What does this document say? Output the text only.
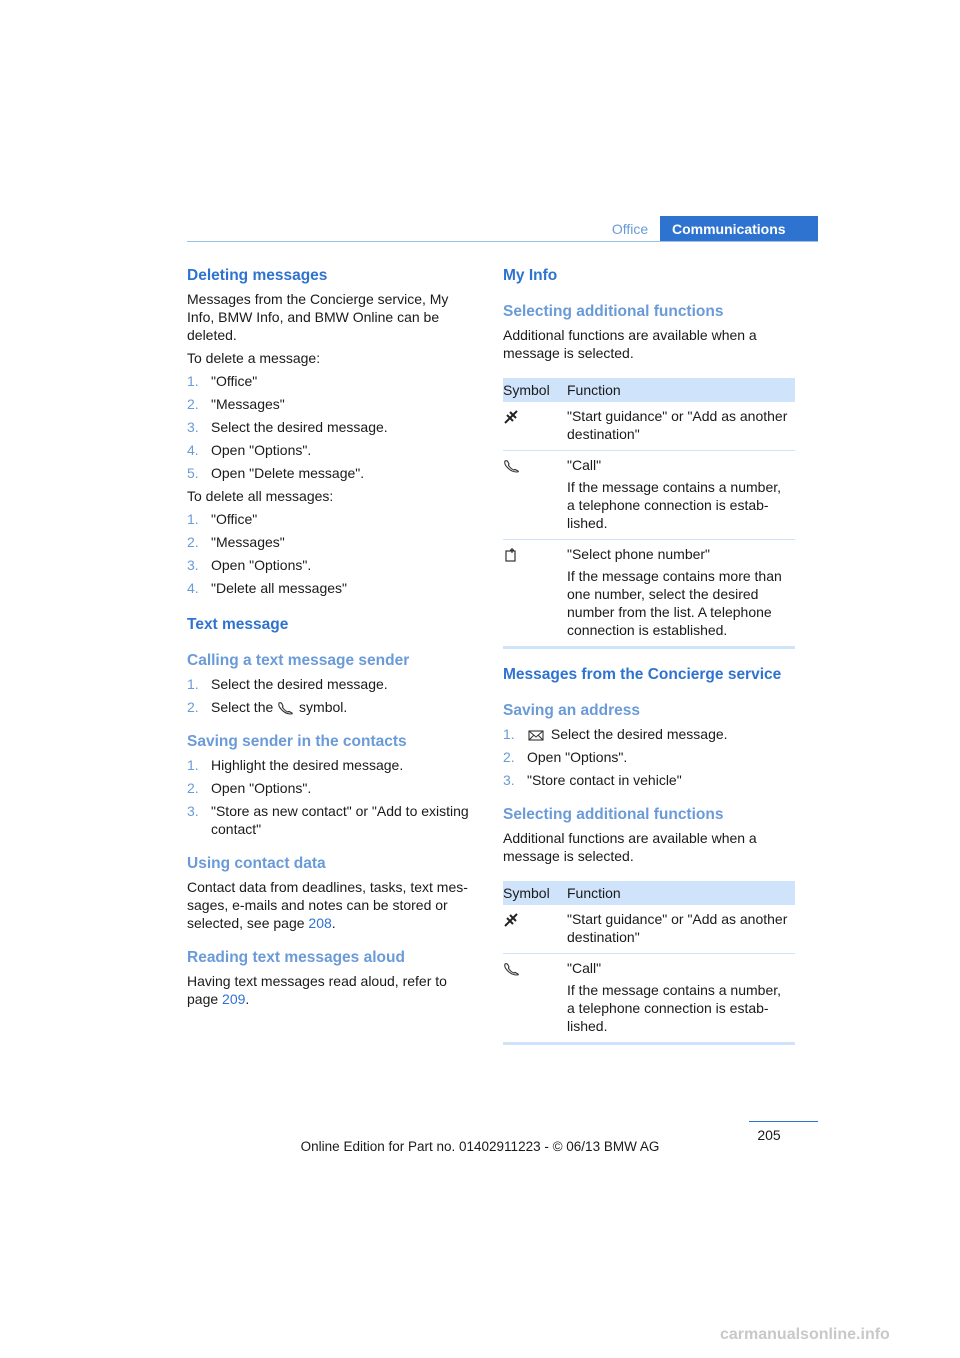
Office	Communications
Deleting messages

Messages from the Concierge service, My Info, BMW Info, and BMW Online can be deleted.

To delete a message:

1. "Office"
2. "Messages"
3. Select the desired message.
4. Open "Options".
5. Open "Delete message".

To delete all messages:

1. "Office"
2. "Messages"
3. Open "Options".
4. "Delete all messages"
Text message
Calling a text message sender
1. Select the desired message.
2. Select the symbol.
Saving sender in the contacts
1. Highlight the desired message.
2. Open "Options".
3. "Store as new contact" or "Add to existing contact"
Using contact data

Contact data from deadlines, tasks, text mes-sages, e-mails and notes can be stored or selected, see page 208.

Reading text messages aloud

Having text messages read aloud, refer to page 209.

My Info
Selecting additional functions

Additional functions are available when a message is selected.

Symbol	Function

"Start guidance" or "Add as another destination"

"Call"
If the message contains a number, a telephone connection is estab-lished.

"Select phone number"
If the message contains more than one number, select the desired number from the list. A telephone connection is established.
Messages from the Concierge service
Saving an address
1.	Select the desired message.
2. Open "Options".
3. "Store contact in vehicle"
Selecting additional functions

Additional functions are available when a message is selected.

Symbol	Function

"Start guidance" or "Add as another destination"

"Call"
If the message contains a number, a telephone connection is estab-lished.
205
Online Edition for Part no. 01402911223 - © 06/13 BMW AG
carmanualsonline.info
